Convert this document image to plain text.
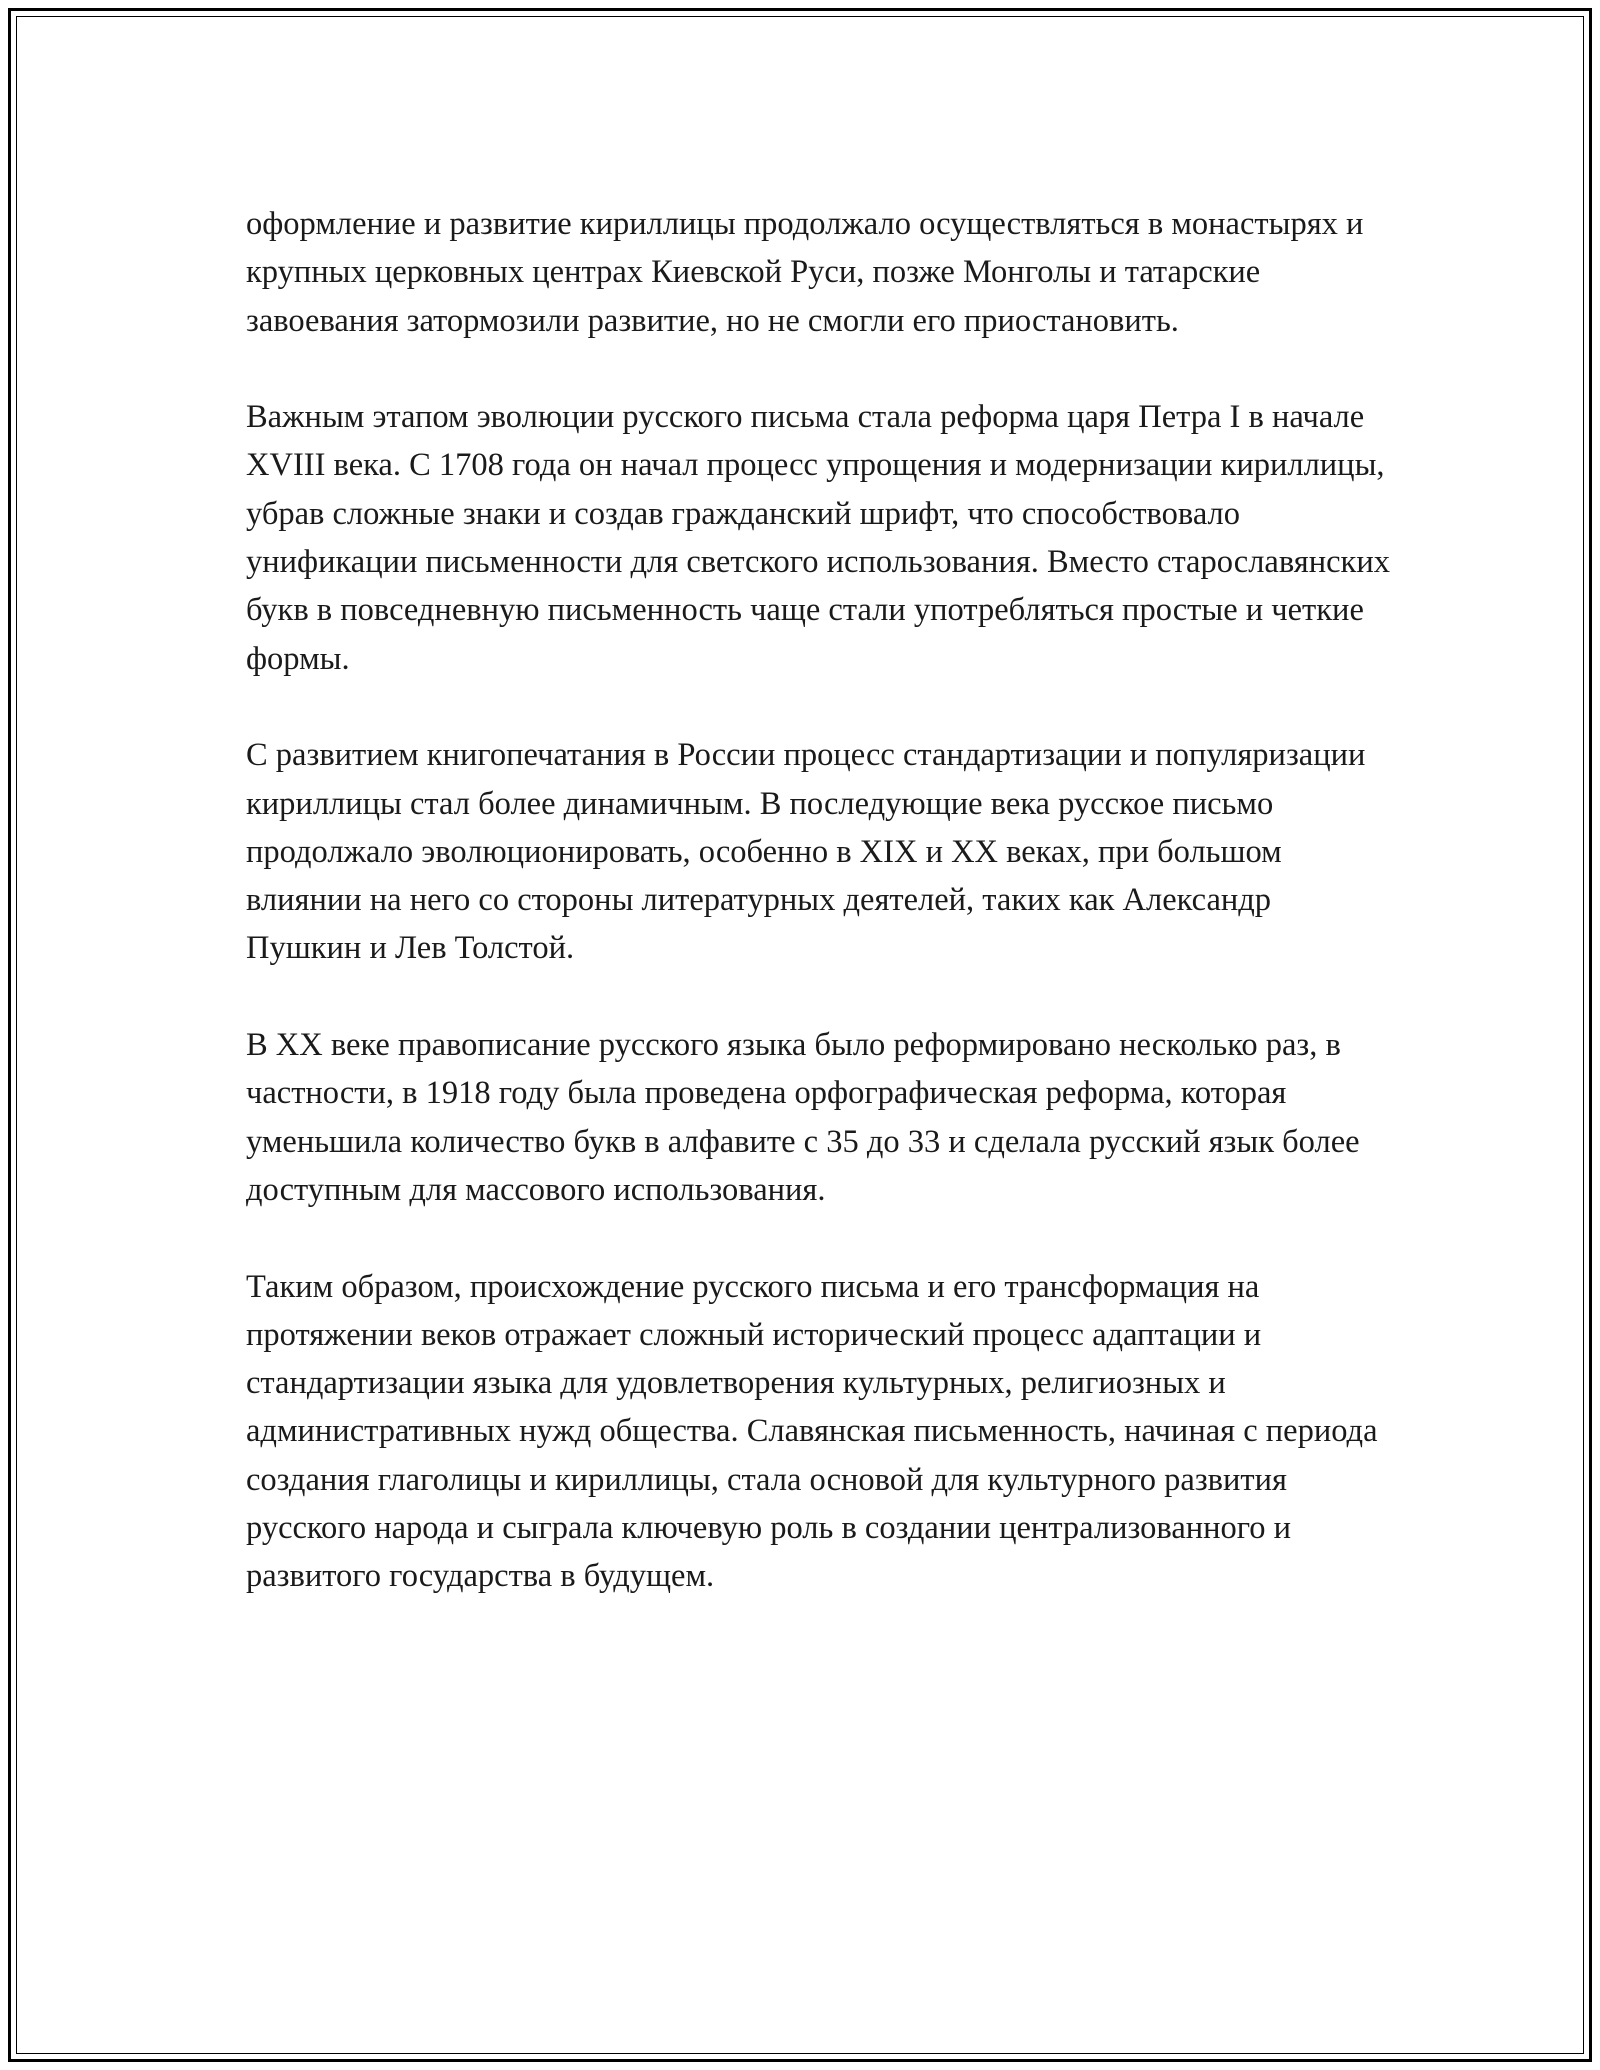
оформление и развитие кириллицы продолжало осуществляться в монастырях и крупных церковных центрах Киевской Руси, позже Монголы и татарские завоевания затормозили развитие, но не смогли его приостановить.

Важным этапом эволюции русского письма стала реформа царя Петра I в начале XVIII века. С 1708 года он начал процесс упрощения и модернизации кириллицы, убрав сложные знаки и создав гражданский шрифт, что способствовало унификации письменности для светского использования. Вместо старославянских букв в повседневную письменность чаще стали употребляться простые и четкие формы.

С развитием книгопечатания в России процесс стандартизации и популяризации кириллицы стал более динамичным. В последующие века русское письмо продолжало эволюционировать, особенно в XIX и XX веках, при большом влиянии на него со стороны литературных деятелей, таких как Александр Пушкин и Лев Толстой.

В XX веке правописание русского языка было реформировано несколько раз, в частности, в 1918 году была проведена орфографическая реформа, которая уменьшила количество букв в алфавите с 35 до 33 и сделала русский язык более доступным для массового использования.

Таким образом, происхождение русского письма и его трансформация на протяжении веков отражает сложный исторический процесс адаптации и стандартизации языка для удовлетворения культурных, религиозных и административных нужд общества. Славянская письменность, начиная с периода создания глаголицы и кириллицы, стала основой для культурного развития русского народа и сыграла ключевую роль в создании централизованного и развитого государства в будущем.
